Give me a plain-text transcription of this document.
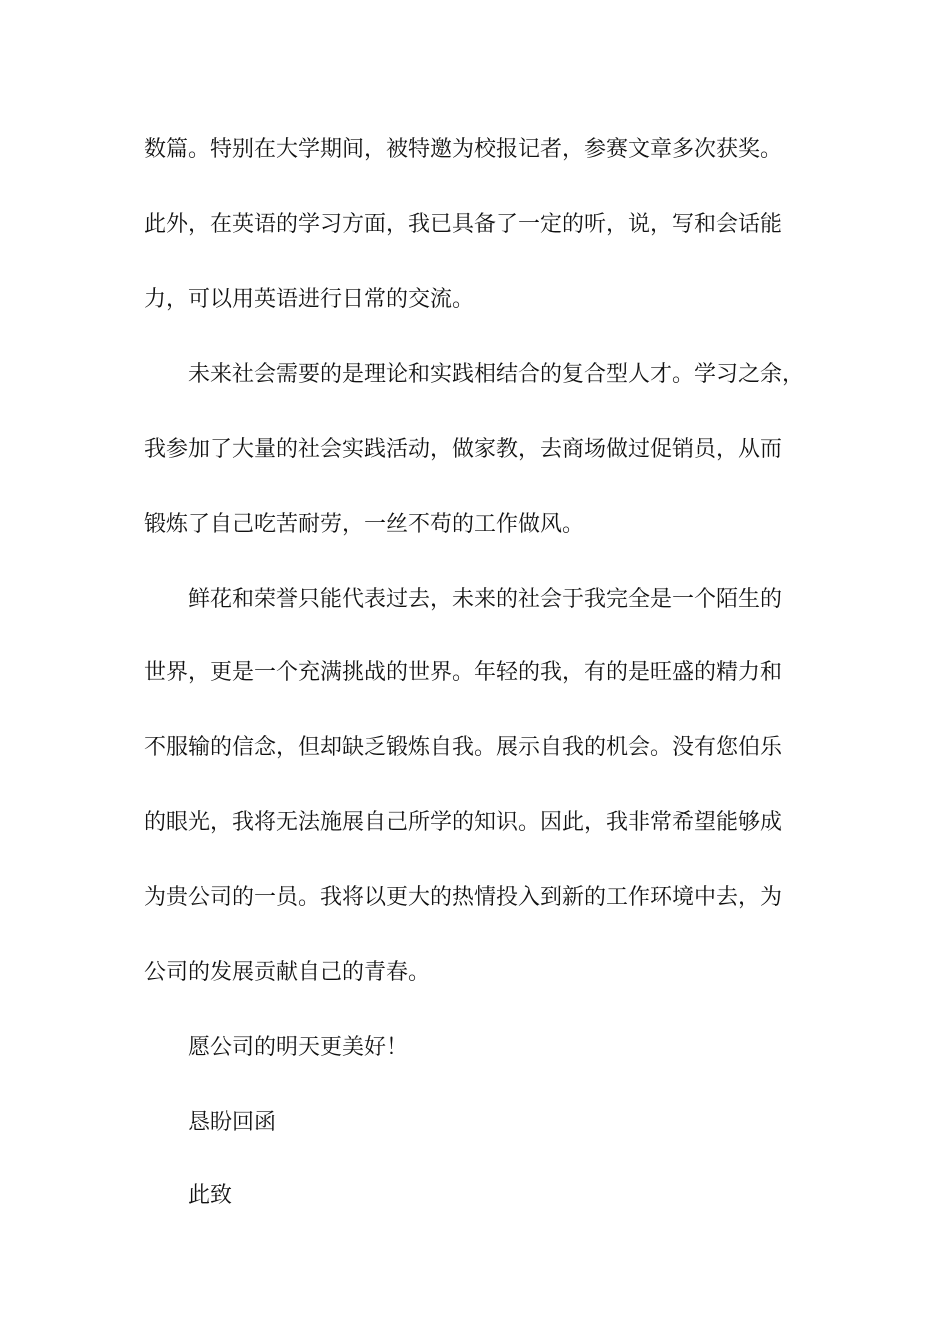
数篇。特别在大学期间，被特邀为校报记者，参赛文章多次获奖。
此外，在英语的学习方面，我已具备了一定的听，说，写和会话能
力，可以用英语进行日常的交流。
未来社会需要的是理论和实践相结合的复合型人才。学习之余，
我参加了大量的社会实践活动，做家教，去商场做过促销员，从而
锻炼了自己吃苦耐劳，一丝不苟的工作做风。
鲜花和荣誉只能代表过去，未来的社会于我完全是一个陌生的
世界，更是一个充满挑战的世界。年轻的我，有的是旺盛的精力和
不服输的信念，但却缺乏锻炼自我。展示自我的机会。没有您伯乐
的眼光，我将无法施展自己所学的知识。因此，我非常希望能够成
为贵公司的一员。我将以更大的热情投入到新的工作环境中去，为
公司的发展贡献自己的青春。
愿公司的明天更美好！
恳盼回函
此致
